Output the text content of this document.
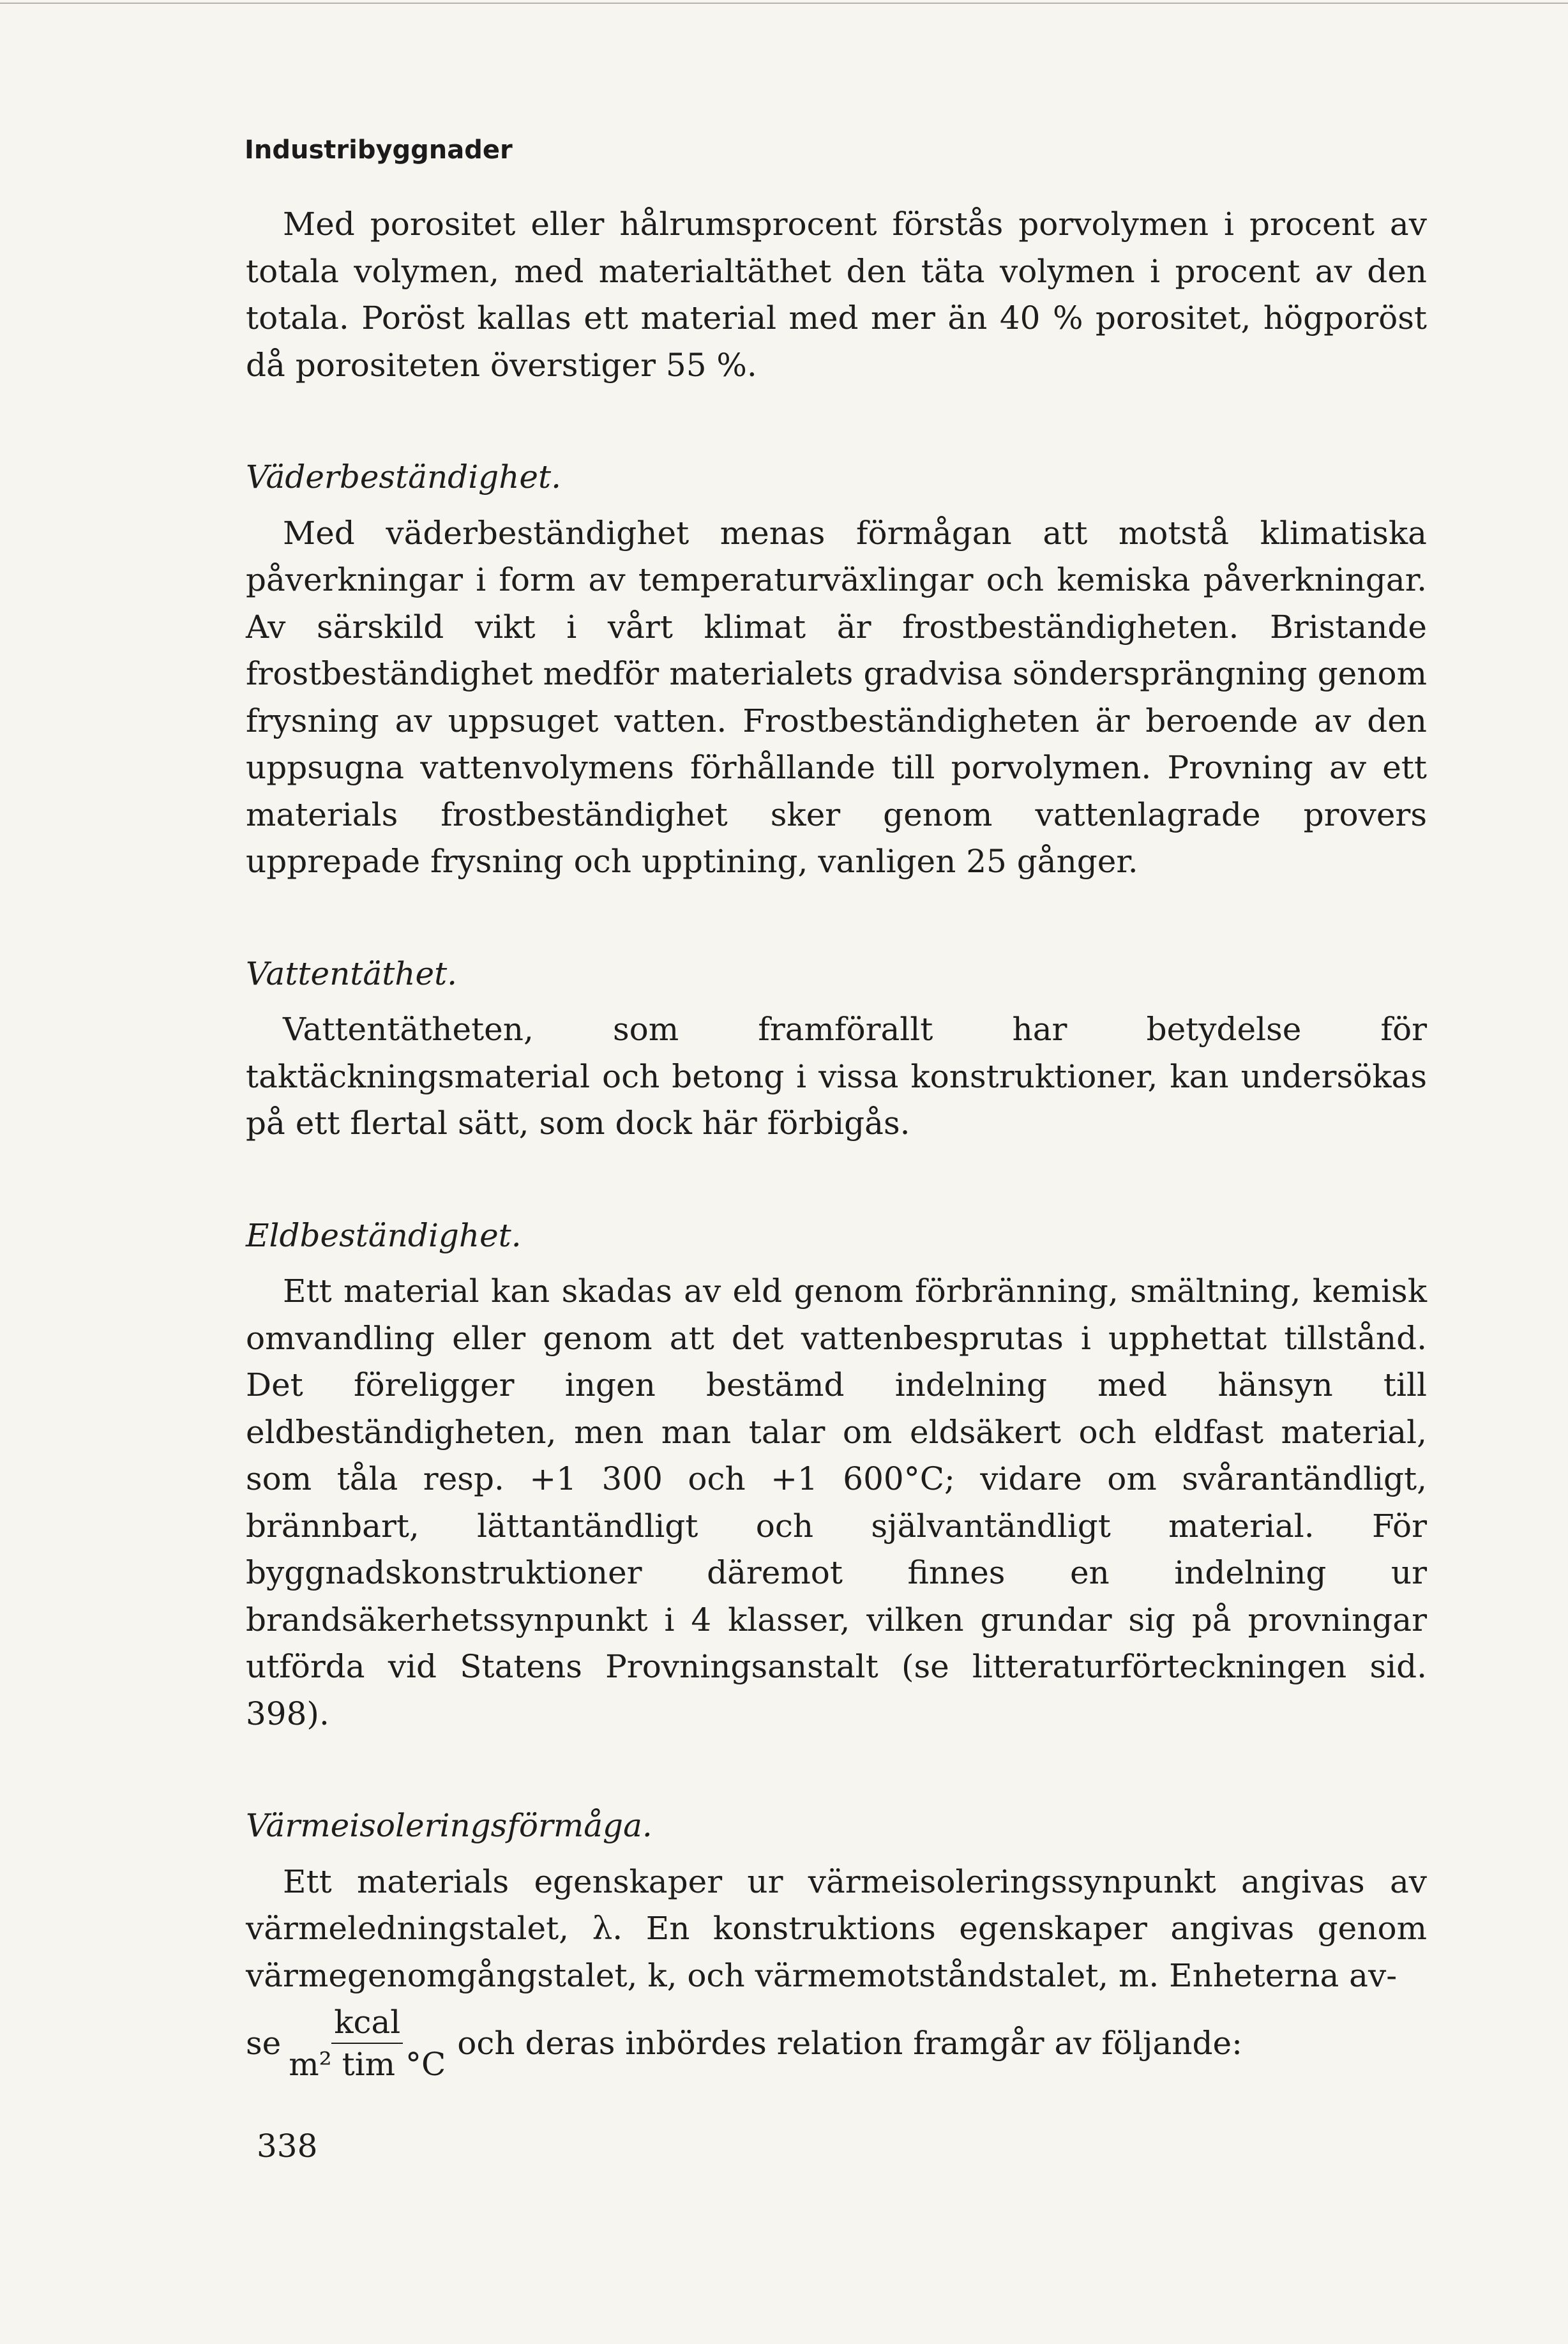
Industribyggnader

Med porositet eller hålrumsprocent förstås porvolymen i procent av totala volymen, med materialtäthet den täta volymen i procent av den totala. Poröst kallas ett material med mer än 40 % porositet, högporöst då porositeten överstiger 55 %.

Väderbeständighet.

Med väderbeständighet menas förmågan att motstå klimatiska påverkningar i form av temperaturväxlingar och kemiska påverkningar. Av särskild vikt i vårt klimat är frostbeständigheten. Bristande frostbeständighet medför materialets gradvisa söndersprängning genom frysning av uppsuget vatten. Frostbeständigheten är beroende av den uppsugna vattenvolymens förhållande till porvolymen. Provning av ett materials frostbeständighet sker genom vattenlagrade provers upprepade frysning och upptining, vanligen 25 gånger.

Vattentäthet.

Vattentätheten, som framförallt har betydelse för taktäckningsmaterial och betong i vissa konstruktioner, kan undersökas på ett flertal sätt, som dock här förbigås.

Eldbeständighet.

Ett material kan skadas av eld genom förbränning, smältning, kemisk omvandling eller genom att det vattenbesprutas i upphettat tillstånd. Det föreligger ingen bestämd indelning med hänsyn till eldbeständigheten, men man talar om eldsäkert och eldfast material, som tåla resp. +1 300 och +1 600°C; vidare om svårantändligt, brännbart, lättantändligt och självantändligt material. För byggnadskonstruktioner däremot finnes en indelning ur brandsäkerhetssynpunkt i 4 klasser, vilken grundar sig på provningar utförda vid Statens Provningsanstalt (se litteraturförteckningen sid. 398).

Värmeisoleringsförmåga.

Ett materials egenskaper ur värmeisoleringssynpunkt angivas av värmeledningstalet, λ. En konstruktions egenskaper angivas genom värmegenomgångstalet, k, och värmemotståndstalet, m. Enheterna av-

se $\frac{\text{kcal}}{\text{m² tim °C}}$ och deras inbördes relation framgår av följande:
338
